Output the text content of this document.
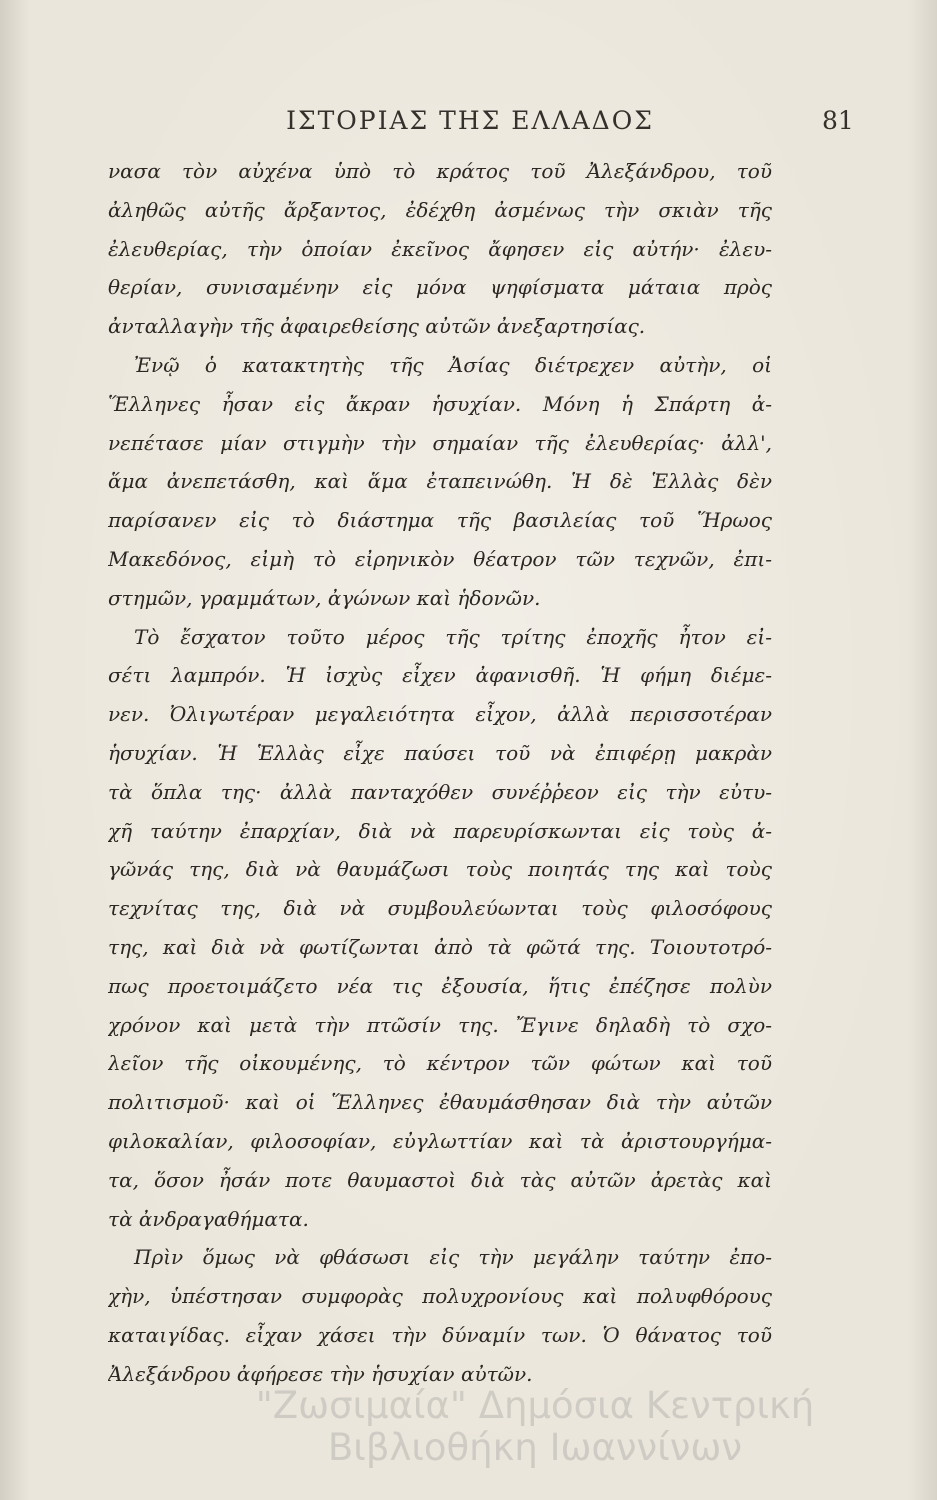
ΙΣΤΟΡΙΑΣ ΤΗΣ ΕΛΛΑΔΟΣ	81
νασα τὸν αὐχένα ὑπὸ τὸ κράτος τοῦ Ἀλεξάνδρου, τοῦ
ἀληθῶς αὐτῆς ἄρξαντος, ἐδέχθη ἀσμένως τὴν σκιὰν τῆς
ἐλευθερίας, τὴν ὁποίαν ἐκεῖνος ἄφησεν εἰς αὐτήν· ἐλευ-
θερίαν, συνισαμένην εἰς μόνα ψηφίσματα μάταια πρὸς
ἀνταλλαγὴν τῆς ἀφαιρεθείσης αὐτῶν ἀνεξαρτησίας.
Ἐνῷ ὁ κατακτητὴς τῆς Ἀσίας διέτρεχεν αὐτὴν, οἱ
Ἕλληνες ἦσαν εἰς ἄκραν ἡσυχίαν. Μόνη ἡ Σπάρτη ἀ-
νεπέτασε μίαν στιγμὴν τὴν σημαίαν τῆς ἐλευθερίας· ἀλλ',
ἅμα ἀνεπετάσθη, καὶ ἅμα ἐταπεινώθη. Ἡ δὲ Ἑλλὰς δὲν
παρίσανεν εἰς τὸ διάστημα τῆς βασιλείας τοῦ Ἥρωος
Μακεδόνος, εἰμὴ τὸ εἰρηνικὸν θέατρον τῶν τεχνῶν, ἐπι-
στημῶν, γραμμάτων, ἀγώνων καὶ ἡδονῶν.
Τὸ ἔσχατον τοῦτο μέρος τῆς τρίτης ἐποχῆς ἦτον εἰ-
σέτι λαμπρόν. Ἡ ἰσχὺς εἶχεν ἀφανισθῆ. Ἡ φήμη διέμε-
νεν. Ὀλιγωτέραν μεγαλειότητα εἶχον, ἀλλὰ περισσοτέραν
ἡσυχίαν. Ἡ Ἑλλὰς εἶχε παύσει τοῦ νὰ ἐπιφέρῃ μακρὰν
τὰ ὅπλα της· ἀλλὰ πανταχόθεν συνέῤῥεον εἰς τὴν εὐτυ-
χῆ ταύτην ἐπαρχίαν, διὰ νὰ παρευρίσκωνται εἰς τοὺς ἀ-
γῶνάς της, διὰ νὰ θαυμάζωσι τοὺς ποιητάς της καὶ τοὺς
τεχνίτας της, διὰ νὰ συμβουλεύωνται τοὺς φιλοσόφους
της, καὶ διὰ νὰ φωτίζωνται ἀπὸ τὰ φῶτά της. Τοιουτοτρό-
πως προετοιμάζετο νέα τις ἐξουσία, ἥτις ἐπέζησε πολὺν
χρόνον καὶ μετὰ τὴν πτῶσίν της. Ἔγινε δηλαδὴ τὸ σχο-
λεῖον τῆς οἰκουμένης, τὸ κέντρον τῶν φώτων καὶ τοῦ
πολιτισμοῦ· καὶ οἱ Ἕλληνες ἐθαυμάσθησαν διὰ τὴν αὐτῶν
φιλοκαλίαν, φιλοσοφίαν, εὐγλωττίαν καὶ τὰ ἀριστουργήμα-
τα, ὅσον ἦσάν ποτε θαυμαστοὶ διὰ τὰς αὐτῶν ἀρετὰς καὶ
τὰ ἀνδραγαθήματα.
Πρὶν ὅμως νὰ φθάσωσι εἰς τὴν μεγάλην ταύτην ἐπο-
χὴν, ὑπέστησαν συμφορὰς πολυχρονίους καὶ πολυφθόρους
καταιγίδας. εἶχαν χάσει τὴν δύναμίν των. Ὁ θάνατος τοῦ
Ἀλεξάνδρου ἀφήρεσε τὴν ἡσυχίαν αὐτῶν.
"Ζωσιμαία" Δημόσια Κεντρική
Βιβλιοθήκη Ιωαννίνων
